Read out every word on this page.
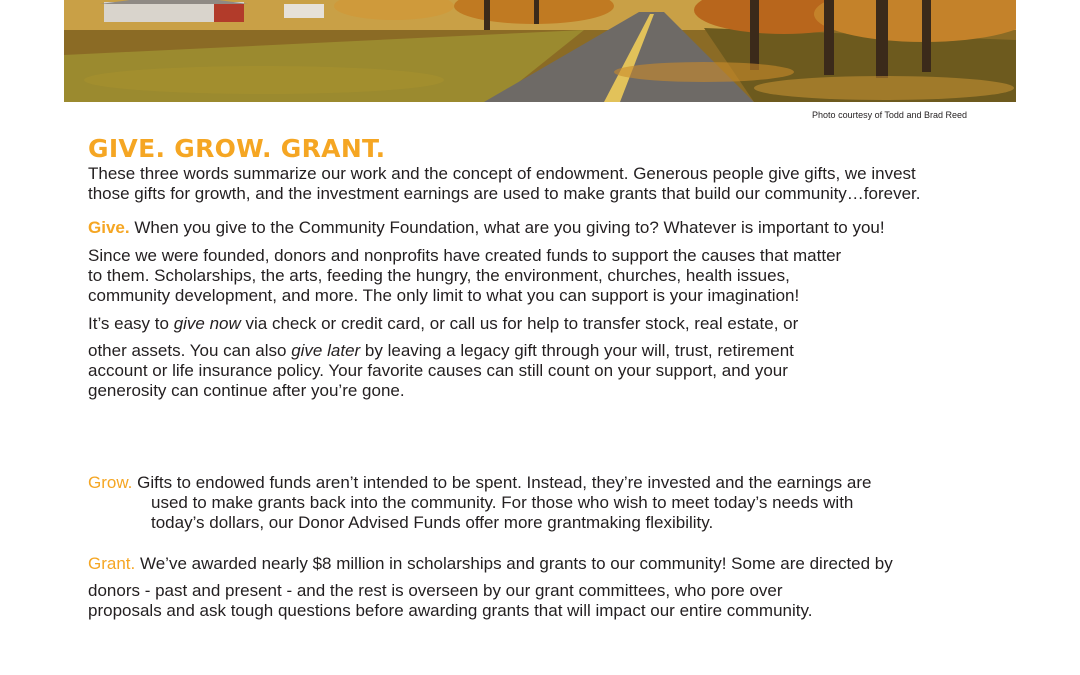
Photo courtesy of Todd and Brad Reed
GIVE. GROW. GRANT.

These three words summarize our work and the concept of endowment. Generous people give gifts, we invest
those gifts for growth, and the investment earnings are used to make grants that build our community…forever.

Give. When you give to the Community Foundation, what are you giving to? Whatever is important to you!

Since we were founded, donors and nonprofits have created funds to support the causes that matter
to them. Scholarships, the arts, feeding the hungry, the environment, churches, health issues,
community development, and more. The only limit to what you can support is your imagination!

It’s easy to give now via check or credit card, or call us for help to transfer stock, real estate, or

other assets. You can also give later by leaving a legacy gift through your will, trust, retirement
account or life insurance policy. Your favorite causes can still count on your support, and your
generosity can continue after you’re gone.

Grow. Gifts to endowed funds aren’t intended to be spent. Instead, they’re invested and the earnings are
used to make grants back into the community. For those who wish to meet today’s needs with
today’s dollars, our Donor Advised Funds offer more grantmaking flexibility.

Grant. We’ve awarded nearly $8 million in scholarships and grants to our community! Some are directed by

donors - past and present - and the rest is overseen by our grant committees, who pore over
proposals and ask tough questions before awarding grants that will impact our entire community.
